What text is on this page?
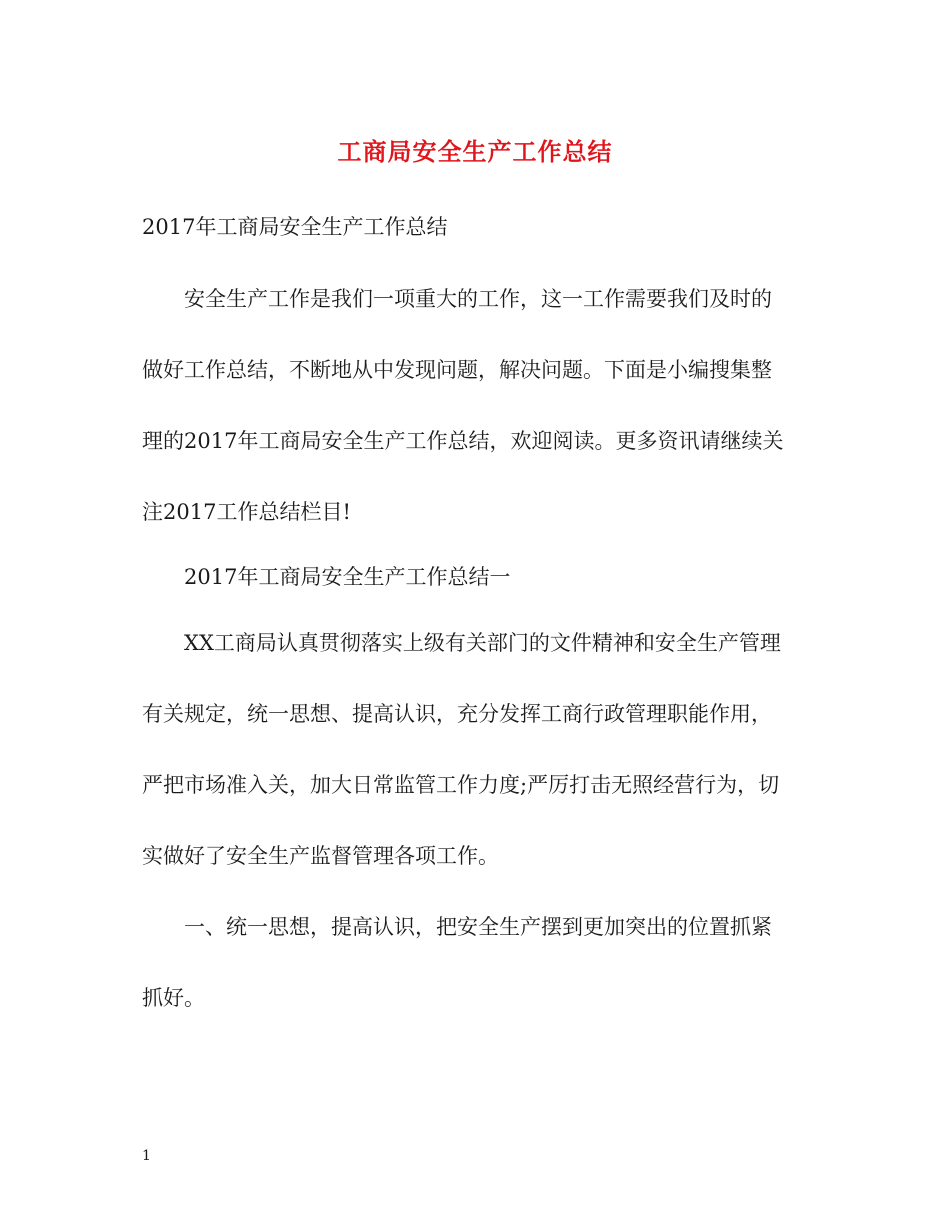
工商局安全生产工作总结
2017年工商局安全生产工作总结
安全生产工作是我们一项重大的工作，这一工作需要我们及时的
做好工作总结，不断地从中发现问题，解决问题。下面是小编搜集整
理的2017年工商局安全生产工作总结，欢迎阅读。更多资讯请继续关
注2017工作总结栏目!
2017年工商局安全生产工作总结一
XX工商局认真贯彻落实上级有关部门的文件精神和安全生产管理
有关规定，统一思想、提高认识，充分发挥工商行政管理职能作用，
严把市场准入关，加大日常监管工作力度;严厉打击无照经营行为，切
实做好了安全生产监督管理各项工作。
一、统一思想，提高认识，把安全生产摆到更加突出的位置抓紧
抓好。
1
